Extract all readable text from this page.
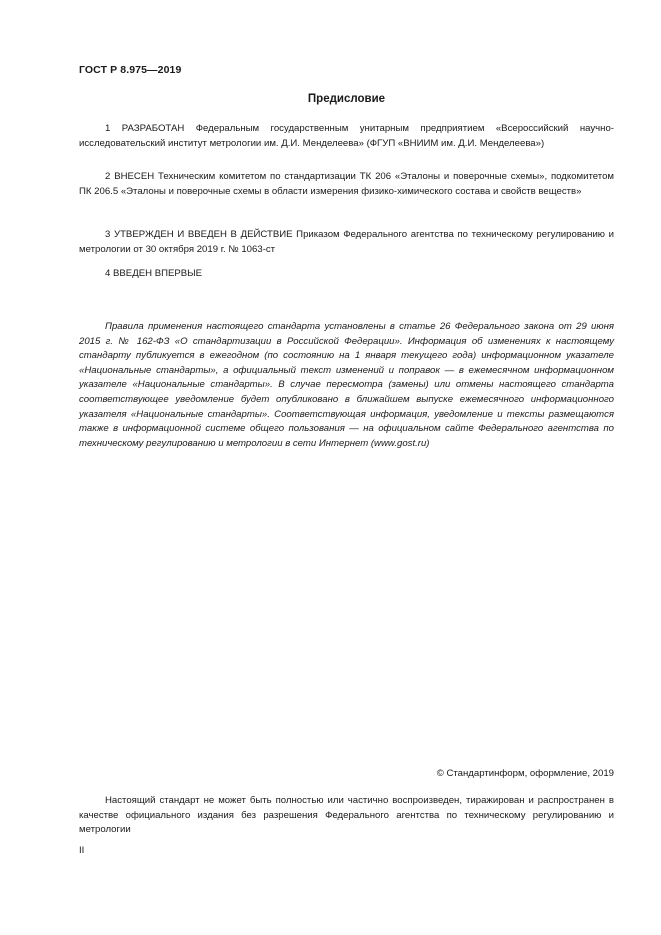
ГОСТ Р 8.975—2019
Предисловие

1 РАЗРАБОТАН Федеральным государственным унитарным предприятием «Всероссийский научно-исследовательский институт метрологии им. Д.И. Менделеева» (ФГУП «ВНИИМ им. Д.И. Менделеева»)

2 ВНЕСЕН Техническим комитетом по стандартизации ТК 206 «Эталоны и поверочные схемы», подкомитетом ПК 206.5 «Эталоны и поверочные схемы в области измерения физико-химического состава и свойств веществ»

3 УТВЕРЖДЕН И ВВЕДЕН В ДЕЙСТВИЕ Приказом Федерального агентства по техническому регулированию и метрологии от 30 октября 2019 г. № 1063-ст

4 ВВЕДЕН ВПЕРВЫЕ

Правила применения настоящего стандарта установлены в статье 26 Федерального закона от 29 июня 2015 г. № 162-ФЗ «О стандартизации в Российской Федерации». Информация об изменениях к настоящему стандарту публикуется в ежегодном (по состоянию на 1 января текущего года) информационном указателе «Национальные стандарты», а официальный текст изменений и поправок — в ежемесячном информационном указателе «Национальные стандарты». В случае пересмотра (замены) или отмены настоящего стандарта соответствующее уведомление будет опубликовано в ближайшем выпуске ежемесячного информационного указателя «Национальные стандарты». Соответствующая информация, уведомление и тексты размещаются также в информационной системе общего пользования — на официальном сайте Федерального агентства по техническому регулированию и метрологии в сети Интернет (www.gost.ru)

© Стандартинформ, оформление, 2019

Настоящий стандарт не может быть полностью или частично воспроизведен, тиражирован и распространен в качестве официального издания без разрешения Федерального агентства по техническому регулированию и метрологии

II
